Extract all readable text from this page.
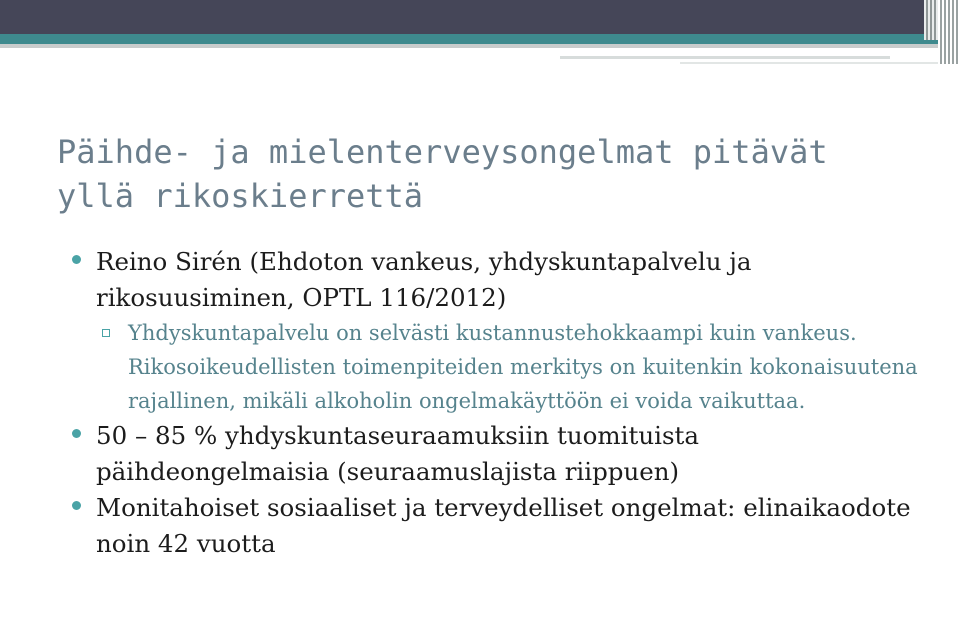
Päihde- ja mielenterveysongelmat pitävät yllä rikoskierrettä

Reino Sirén (Ehdoton vankeus, yhdyskuntapalvelu ja rikosuusiminen, OPTL 116/2012)

Yhdyskuntapalvelu on selvästi kustannustehokkaampi kuin vankeus. Rikosoikeudellisten toimenpiteiden merkitys on kuitenkin kokonaisuutena rajallinen, mikäli alkoholin ongelmakäyttöön ei voida vaikuttaa.

50 – 85 % yhdyskuntaseuraamuksiin tuomituista päihdeongelmaisia (seuraamuslajista riippuen)

Monitahoiset sosiaaliset ja terveydelliset ongelmat: elinaikaodote noin 42 vuotta
